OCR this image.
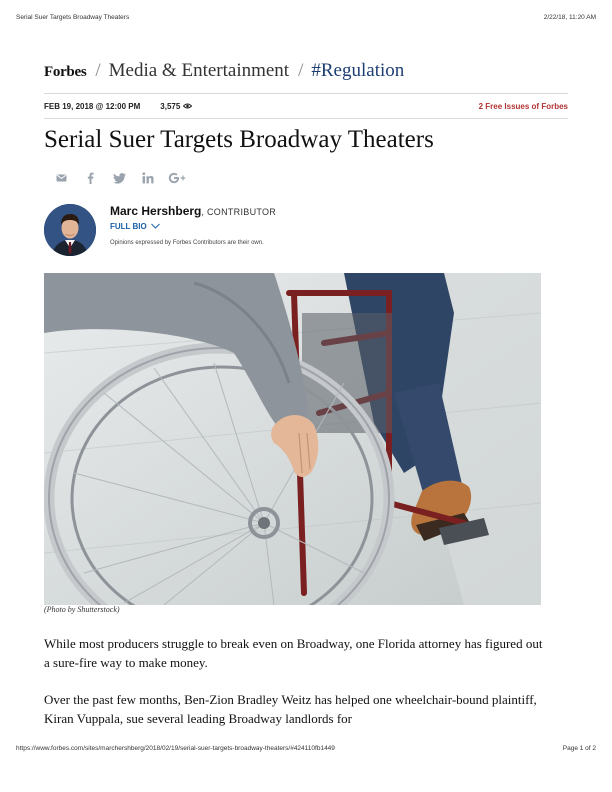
Serial Suer Targets Broadway Theaters	2/22/18, 11:20 AM
Forbes / Media & Entertainment / #Regulation
FEB 19, 2018 @ 12:00 PM	3,575	2 Free Issues of Forbes
Serial Suer Targets Broadway Theaters
Marc Hershberg, CONTRIBUTOR
FULL BIO
Opinions expressed by Forbes Contributors are their own.
(Photo by Shutterstock)

While most producers struggle to break even on Broadway, one Florida attorney has figured out a sure-fire way to make money.

Over the past few months, Ben-Zion Bradley Weitz has helped one wheelchair-bound plaintiff, Kiran Vuppala, sue several leading Broadway landlords for

https://www.forbes.com/sites/marchershberg/2018/02/19/serial-suer-targets-broadway-theaters/#424110fb1449	Page 1 of 2
